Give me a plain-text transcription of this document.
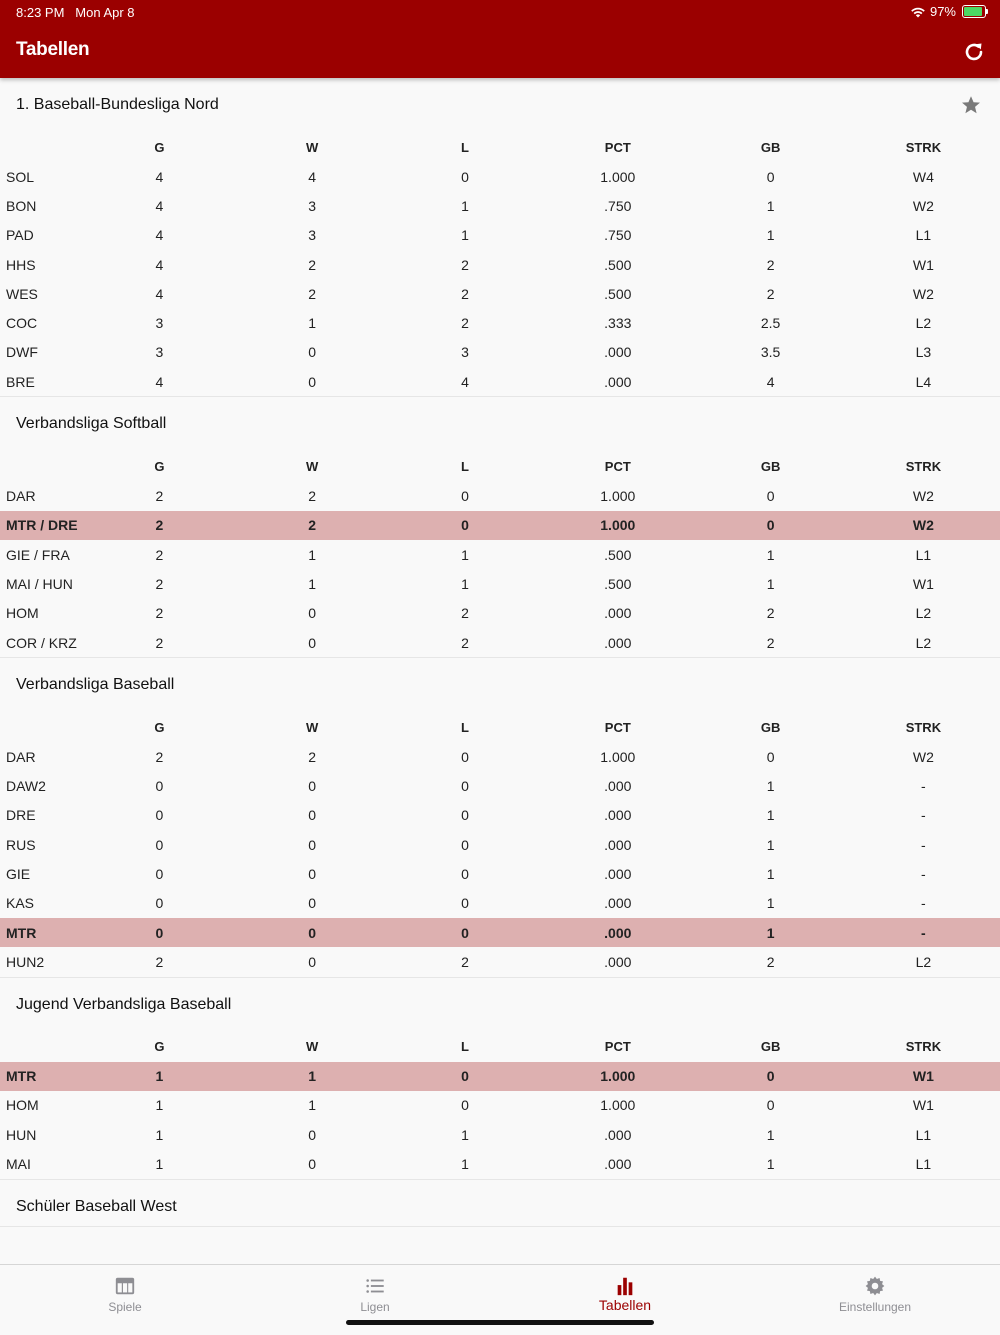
8:23 PM Mon Apr 8	97%
Tabellen
1. Baseball-Bundesliga Nord
G	W	L	PCT	GB	STRK
SOL	4	4	0	1.000	0	W4
BON	4	3	1	.750	1	W2
PAD	4	3	1	.750	1	L1
HHS	4	2	2	.500	2	W1
WES	4	2	2	.500	2	W2
COC	3	1	2	.333	2.5	L2
DWF	3	0	3	.000	3.5	L3
BRE	4	0	4	.000	4	L4
Verbandsliga Softball
G	W	L	PCT	GB	STRK
DAR	2	2	0	1.000	0	W2
MTR / DRE	2	2	0	1.000	0	W2
GIE / FRA	2	1	1	.500	1	L1
MAI / HUN	2	1	1	.500	1	W1
HOM	2	0	2	.000	2	L2
COR / KRZ	2	0	2	.000	2	L2
Verbandsliga Baseball
G	W	L	PCT	GB	STRK
DAR	2	2	0	1.000	0	W2
DAW2	0	0	0	.000	1	-
DRE	0	0	0	.000	1	-
RUS	0	0	0	.000	1	-
GIE	0	0	0	.000	1	-
KAS	0	0	0	.000	1	-
MTR	0	0	0	.000	1	-
HUN2	2	0	2	.000	2	L2
Jugend Verbandsliga Baseball
G	W	L	PCT	GB	STRK
MTR	1	1	0	1.000	0	W1
HOM	1	1	0	1.000	0	W1
HUN	1	0	1	.000	1	L1
MAI	1	0	1	.000	1	L1
Schüler Baseball West
Spiele	Ligen	Tabellen	Einstellungen
